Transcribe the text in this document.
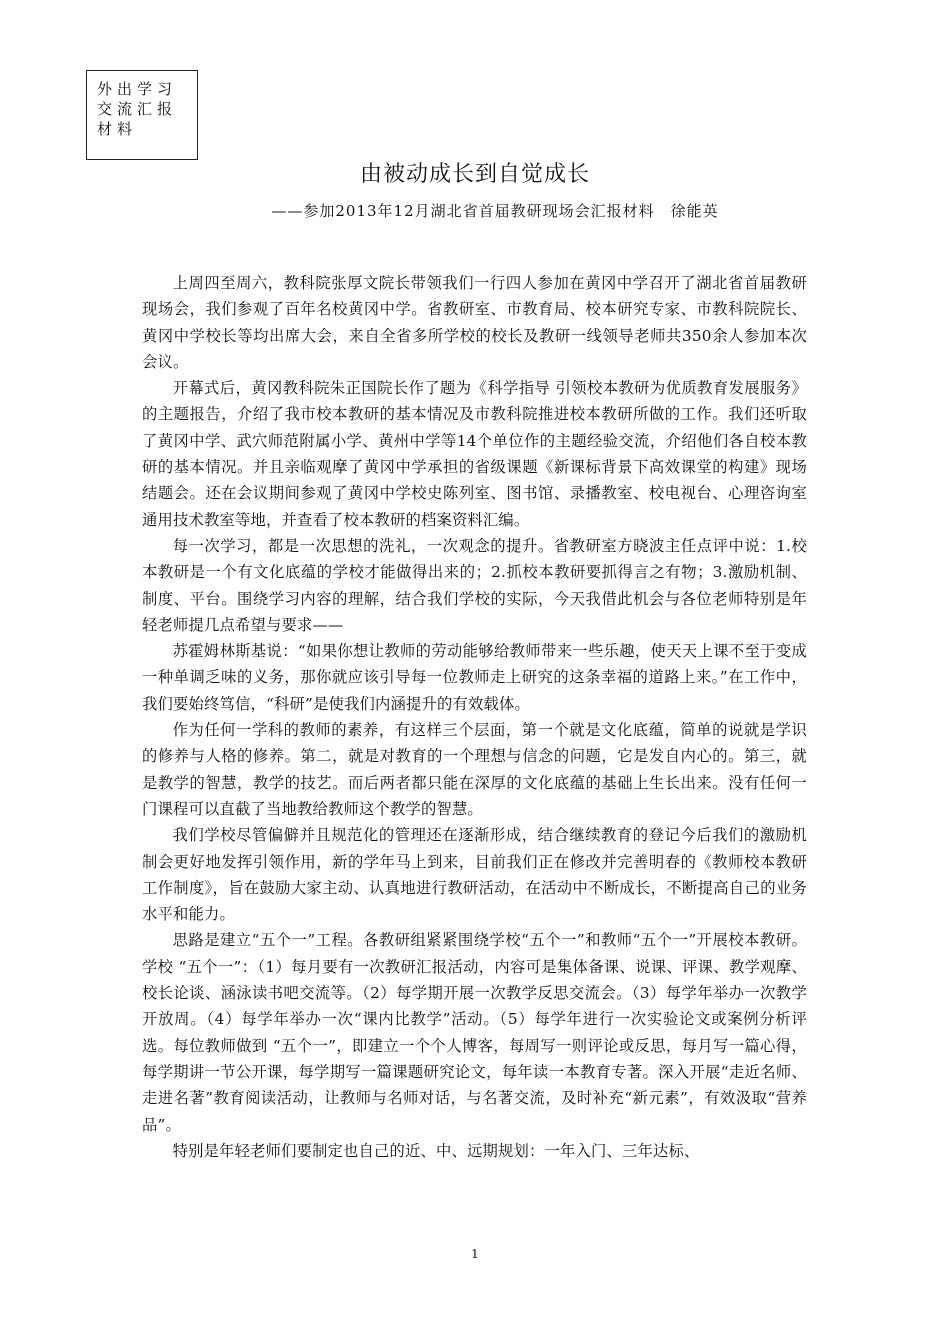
外出学习交流汇报材料
由被动成长到自觉成长
——参加2013年12月湖北省首届教研现场会汇报材料　徐能英

上周四至周六，教科院张厚文院长带领我们一行四人参加在黄冈中学召开了湖北省首届教研现场会，我们参观了百年名校黄冈中学。省教研室、市教育局、校本研究专家、市教科院院长、黄冈中学校长等均出席大会，来自全省多所学校的校长及教研一线领导老师共350余人参加本次会议。

开幕式后，黄冈教科院朱正国院长作了题为《科学指导 引领校本教研为优质教育发展服务》的主题报告，介绍了我市校本教研的基本情况及市教科院推进校本教研所做的工作。我们还听取了黄冈中学、武穴师范附属小学、黄州中学等14个单位作的主题经验交流，介绍他们各自校本教研的基本情况。并且亲临观摩了黄冈中学承担的省级课题《新课标背景下高效课堂的构建》现场结题会。还在会议期间参观了黄冈中学校史陈列室、图书馆、录播教室、校电视台、心理咨询室通用技术教室等地，并查看了校本教研的档案资料汇编。

每一次学习，都是一次思想的洗礼，一次观念的提升。省教研室方晓波主任点评中说：1.校本教研是一个有文化底蕴的学校才能做得出来的；2.抓校本教研要抓得言之有物；3.激励机制、制度、平台。围绕学习内容的理解，结合我们学校的实际，今天我借此机会与各位老师特别是年轻老师提几点希望与要求——

苏霍姆林斯基说：“如果你想让教师的劳动能够给教师带来一些乐趣，使天天上课不至于变成一种单调乏味的义务，那你就应该引导每一位教师走上研究的这条幸福的道路上来。”在工作中，我们要始终笃信，“科研”是使我们内涵提升的有效载体。

作为任何一学科的教师的素养，有这样三个层面，第一个就是文化底蕴，简单的说就是学识的修养与人格的修养。第二，就是对教育的一个理想与信念的问题，它是发自内心的。第三，就是教学的智慧，教学的技艺。而后两者都只能在深厚的文化底蕴的基础上生长出来。没有任何一门课程可以直截了当地教给教师这个教学的智慧。

我们学校尽管偏僻并且规范化的管理还在逐渐形成，结合继续教育的登记今后我们的激励机制会更好地发挥引领作用，新的学年马上到来，目前我们正在修改并完善明春的《教师校本教研工作制度》，旨在鼓励大家主动、认真地进行教研活动，在活动中不断成长，不断提高自己的业务水平和能力。

思路是建立“五个一”工程。各教研组紧紧围绕学校“五个一”和教师“五个一”开展校本教研。学校 “五个一”：（1）每月要有一次教研汇报活动，内容可是集体备课、说课、评课、教学观摩、校长论谈、涵泳读书吧交流等。（2）每学期开展一次教学反思交流会。（3）每学年举办一次教学开放周。（4）每学年举办一次“课内比教学”活动。（5）每学年进行一次实验论文或案例分析评选。每位教师做到 “五个一”，即建立一个个人博客，每周写一则评论或反思，每月写一篇心得，每学期讲一节公开课，每学期写一篇课题研究论文，每年读一本教育专著。深入开展“走近名师、走进名著”教育阅读活动，让教师与名师对话，与名著交流，及时补充“新元素”，有效汲取“营养品”。

特别是年轻老师们要制定也自己的近、中、远期规划：一年入门、三年达标、

1
